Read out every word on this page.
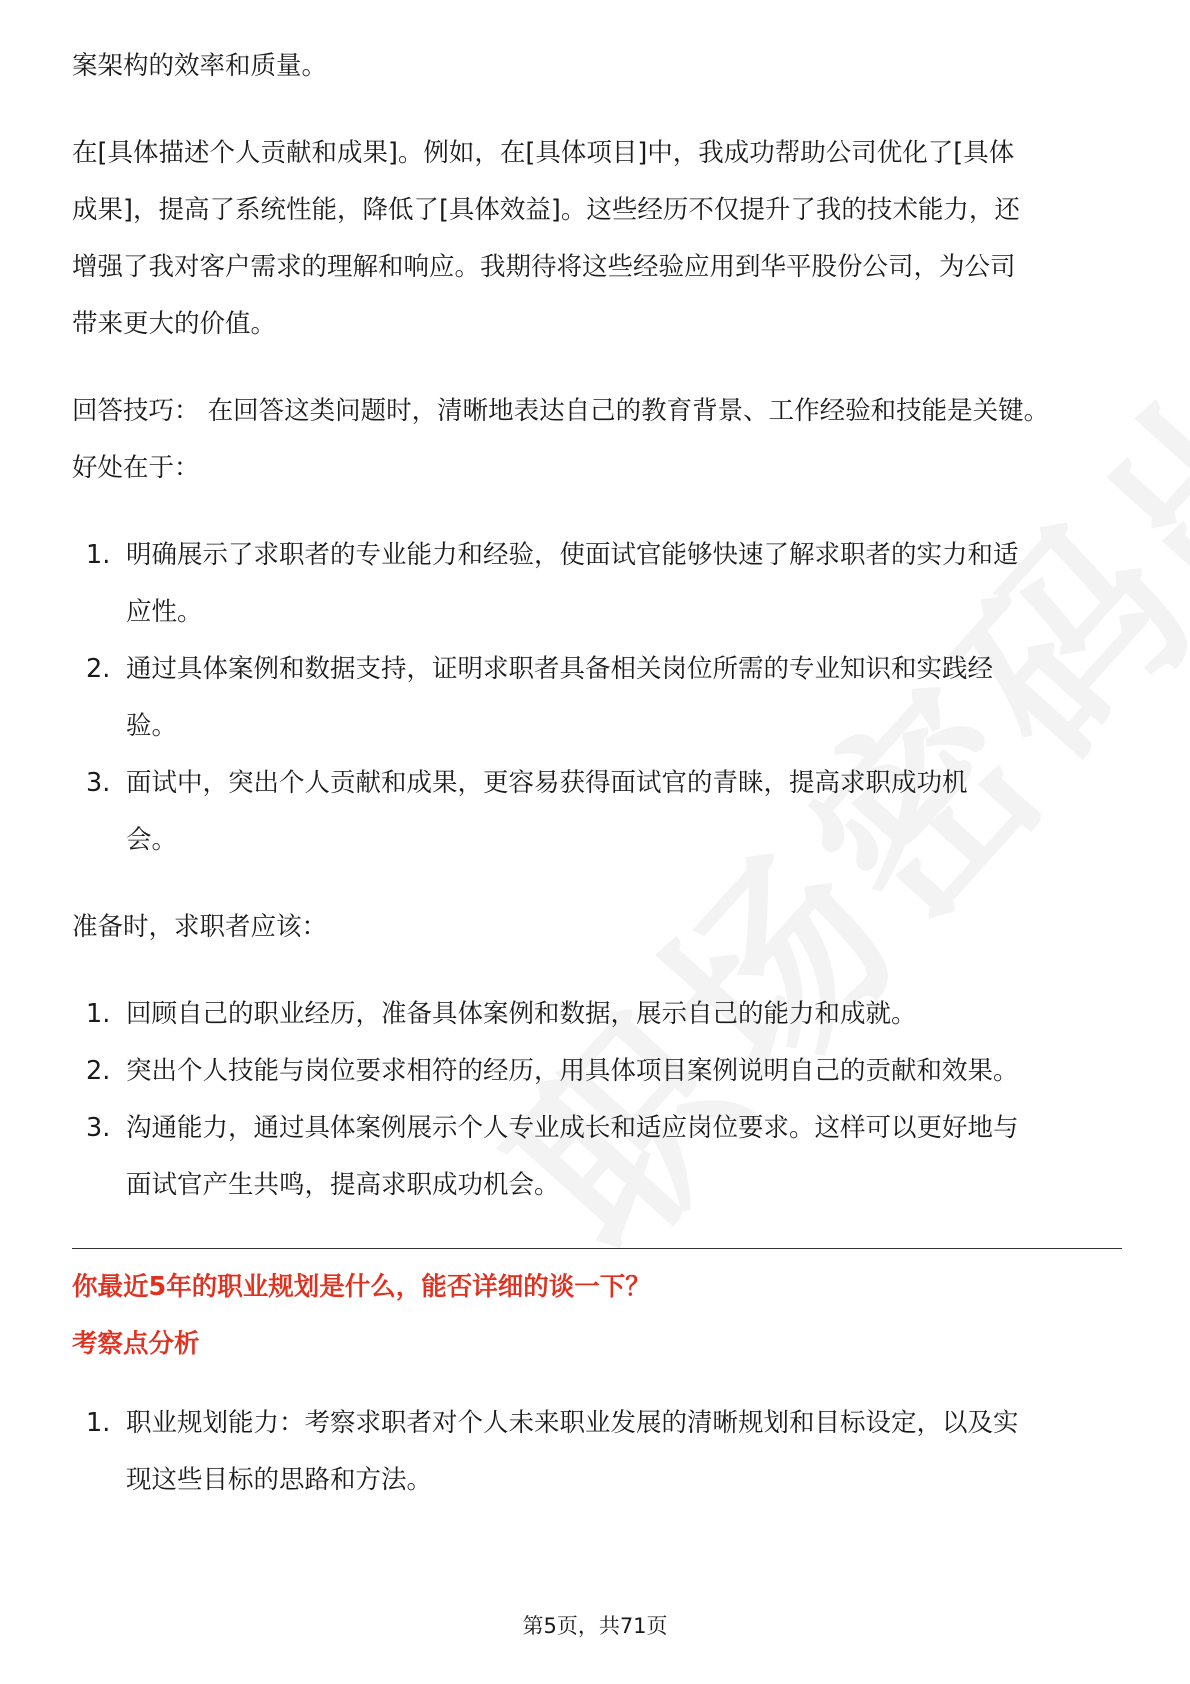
案架构的效率和质量。

在[具体描述个人贡献和成果]。例如，在[具体项目]中，我成功帮助公司优化了[具体成果]，提高了系统性能，降低了[具体效益]。这些经历不仅提升了我的技术能力，还增强了我对客户需求的理解和响应。我期待将这些经验应用到华平股份公司，为公司带来更大的价值。

回答技巧： 在回答这类问题时，清晰地表达自己的教育背景、工作经验和技能是关键。好处在于：

1. 明确展示了求职者的专业能力和经验，使面试官能够快速了解求职者的实力和适应性。
2. 通过具体案例和数据支持，证明求职者具备相关岗位所需的专业知识和实践经验。
3. 面试中，突出个人贡献和成果，更容易获得面试官的青睐，提高求职成功机会。

准备时，求职者应该：

1. 回顾自己的职业经历，准备具体案例和数据，展示自己的能力和成就。
2. 突出个人技能与岗位要求相符的经历，用具体项目案例说明自己的贡献和效果。
3. 沟通能力，通过具体案例展示个人专业成长和适应岗位要求。这样可以更好地与面试官产生共鸣，提高求职成功机会。
你最近5年的职业规划是什么，能否详细的谈一下？
考察点分析
1. 职业规划能力：考察求职者对个人未来职业发展的清晰规划和目标设定，以及实现这些目标的思路和方法。
第5页，共71页
